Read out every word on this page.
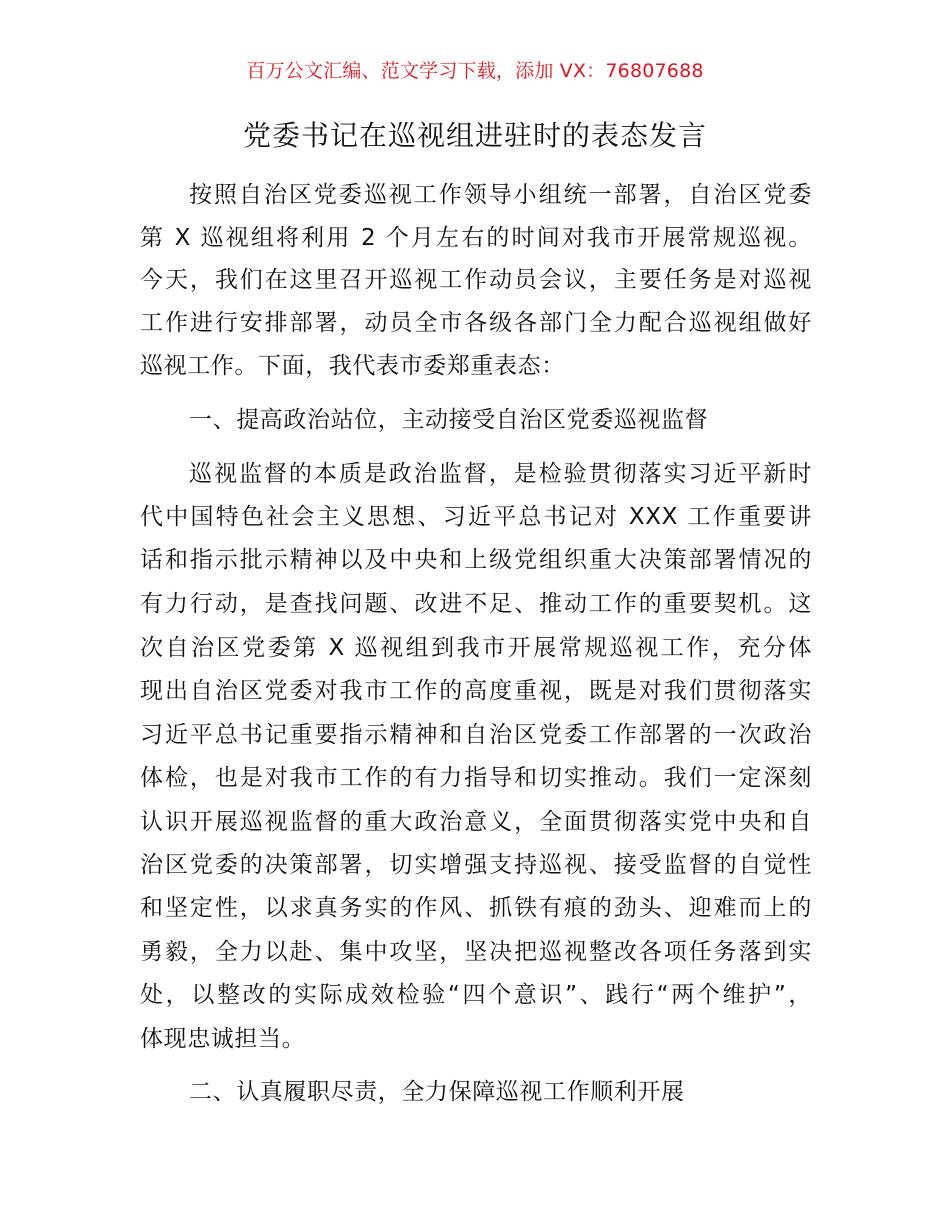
百万公文汇编、范文学习下载，添加 VX：76807688
党委书记在巡视组进驻时的表态发言
按照自治区党委巡视工作领导小组统一部署，自治区党委
第 X 巡视组将利用 2 个月左右的时间对我市开展常规巡视。
今天，我们在这里召开巡视工作动员会议，主要任务是对巡视
工作进行安排部署，动员全市各级各部门全力配合巡视组做好
巡视工作。下面，我代表市委郑重表态：
一、提高政治站位，主动接受自治区党委巡视监督
巡视监督的本质是政治监督，是检验贯彻落实习近平新时
代中国特色社会主义思想、习近平总书记对 XXX 工作重要讲
话和指示批示精神以及中央和上级党组织重大决策部署情况的
有力行动，是查找问题、改进不足、推动工作的重要契机。这
次自治区党委第 X 巡视组到我市开展常规巡视工作，充分体
现出自治区党委对我市工作的高度重视，既是对我们贯彻落实
习近平总书记重要指示精神和自治区党委工作部署的一次政治
体检，也是对我市工作的有力指导和切实推动。我们一定深刻
认识开展巡视监督的重大政治意义，全面贯彻落实党中央和自
治区党委的决策部署，切实增强支持巡视、接受监督的自觉性
和坚定性，以求真务实的作风、抓铁有痕的劲头、迎难而上的
勇毅，全力以赴、集中攻坚，坚决把巡视整改各项任务落到实
处，以整改的实际成效检验“四个意识”、践行“两个维护”，
体现忠诚担当。
二、认真履职尽责，全力保障巡视工作顺利开展
